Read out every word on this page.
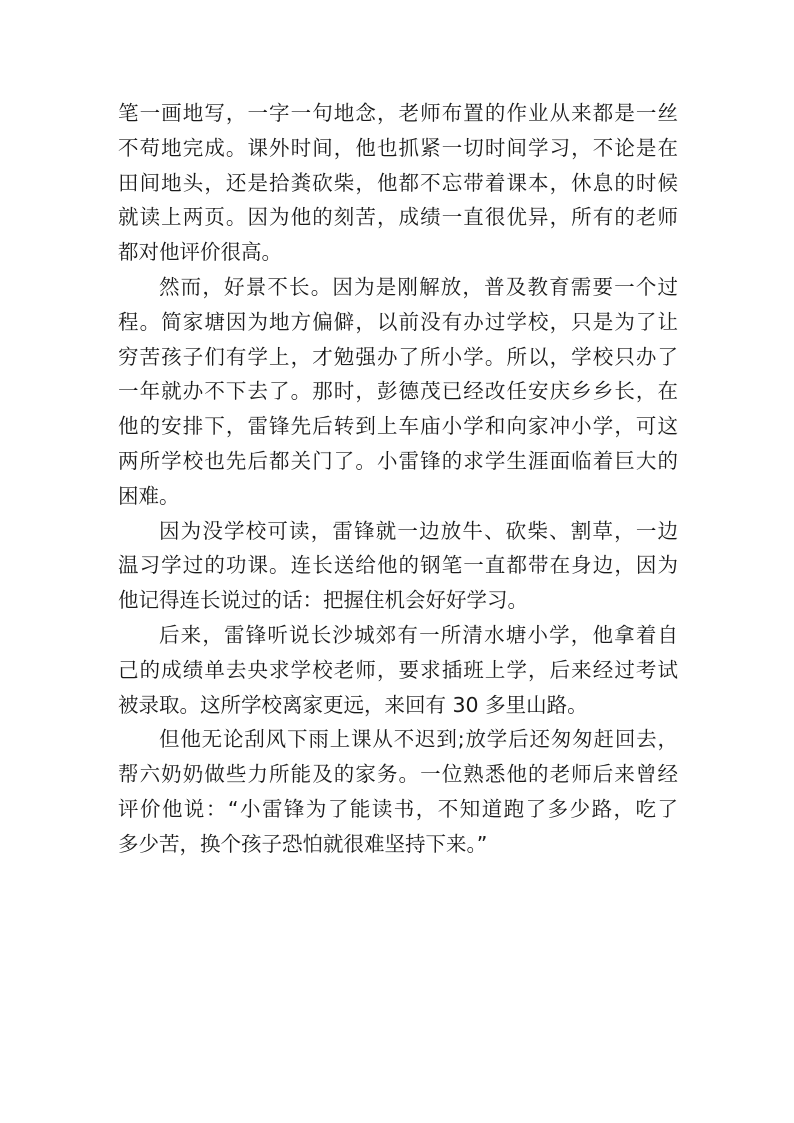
笔一画地写，一字一句地念，老师布置的作业从来都是一丝
不苟地完成。课外时间，他也抓紧一切时间学习，不论是在
田间地头，还是拾粪砍柴，他都不忘带着课本，休息的时候
就读上两页。因为他的刻苦，成绩一直很优异，所有的老师
都对他评价很高。
然而，好景不长。因为是刚解放，普及教育需要一个过
程。简家塘因为地方偏僻，以前没有办过学校，只是为了让
穷苦孩子们有学上，才勉强办了所小学。所以，学校只办了
一年就办不下去了。那时，彭德茂已经改任安庆乡乡长，在
他的安排下，雷锋先后转到上车庙小学和向家冲小学，可这
两所学校也先后都关门了。小雷锋的求学生涯面临着巨大的
困难。
因为没学校可读，雷锋就一边放牛、砍柴、割草，一边
温习学过的功课。连长送给他的钢笔一直都带在身边，因为
他记得连长说过的话：把握住机会好好学习。
后来，雷锋听说长沙城郊有一所清水塘小学，他拿着自
己的成绩单去央求学校老师，要求插班上学，后来经过考试
被录取。这所学校离家更远，来回有 30 多里山路。
但他无论刮风下雨上课从不迟到;放学后还匆匆赶回去，
帮六奶奶做些力所能及的家务。一位熟悉他的老师后来曾经
评价他说：“小雷锋为了能读书，不知道跑了多少路，吃了
多少苦，换个孩子恐怕就很难坚持下来。”
